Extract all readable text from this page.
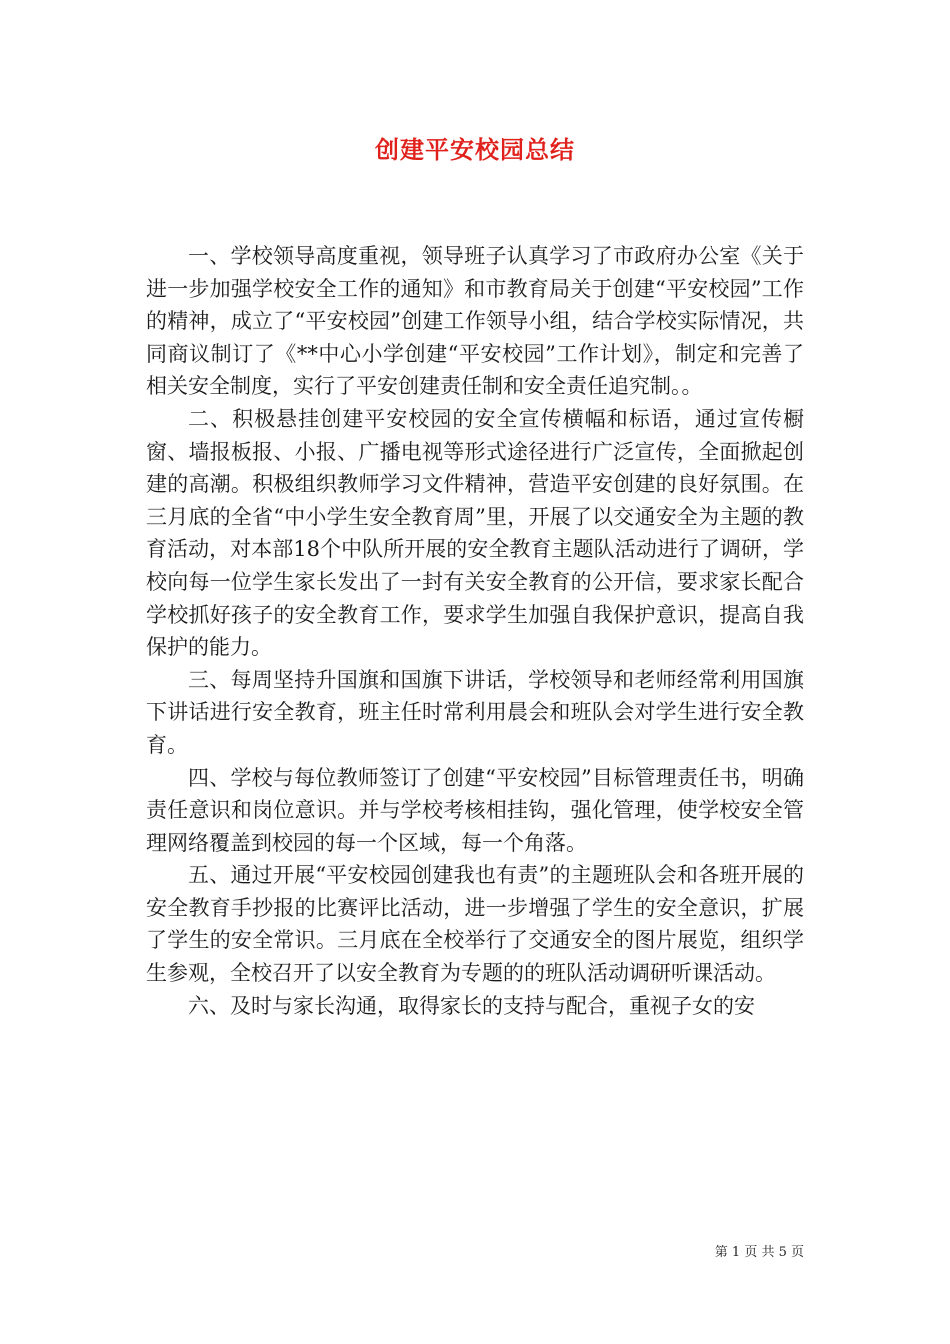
创建平安校园总结

一、学校领导高度重视，领导班子认真学习了市政府办公室《关于进一步加强学校安全工作的通知》和市教育局关于创建“平安校园”工作的精神，成立了“平安校园”创建工作领导小组，结合学校实际情况，共同商议制订了《**中心小学创建“平安校园”工作计划》，制定和完善了相关安全制度，实行了平安创建责任制和安全责任追究制。。

二、积极悬挂创建平安校园的安全宣传横幅和标语，通过宣传橱窗、墙报板报、小报、广播电视等形式途径进行广泛宣传，全面掀起创建的高潮。积极组织教师学习文件精神，营造平安创建的良好氛围。在三月底的全省“中小学生安全教育周”里，开展了以交通安全为主题的教育活动，对本部18个中队所开展的安全教育主题队活动进行了调研，学校向每一位学生家长发出了一封有关安全教育的公开信，要求家长配合学校抓好孩子的安全教育工作，要求学生加强自我保护意识，提高自我保护的能力。

三、每周坚持升国旗和国旗下讲话，学校领导和老师经常利用国旗下讲话进行安全教育，班主任时常利用晨会和班队会对学生进行安全教育。

四、学校与每位教师签订了创建“平安校园”目标管理责任书，明确责任意识和岗位意识。并与学校考核相挂钩，强化管理，使学校安全管理网络覆盖到校园的每一个区域，每一个角落。

五、通过开展“平安校园创建我也有责”的主题班队会和各班开展的安全教育手抄报的比赛评比活动，进一步增强了学生的安全意识，扩展了学生的安全常识。三月底在全校举行了交通安全的图片展览，组织学生参观，全校召开了以安全教育为专题的的班队活动调研听课活动。

六、及时与家长沟通，取得家长的支持与配合，重视子女的安

第 1 页 共 5 页
